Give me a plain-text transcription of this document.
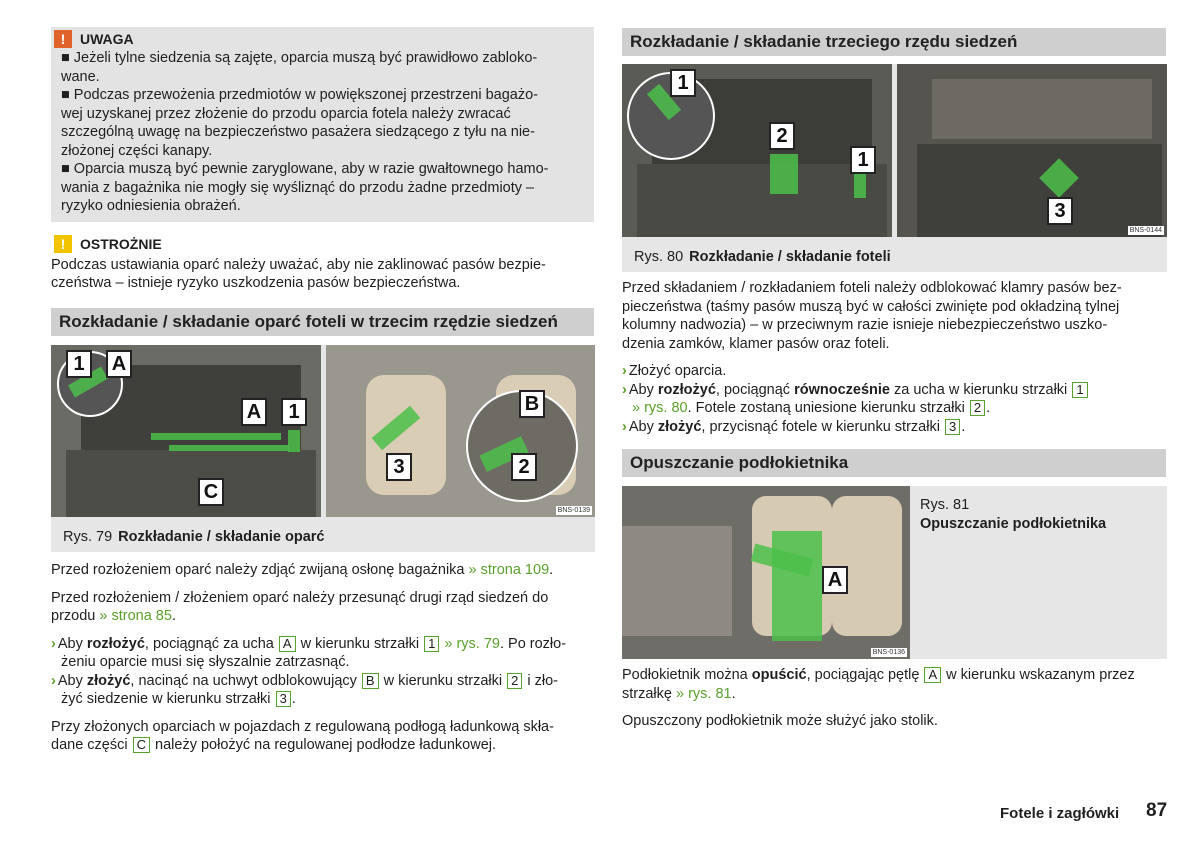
!	UWAGA
■ Jeżeli tylne siedzenia są zajęte, oparcia muszą być prawidłowo zabloko-
wane.
■ Podczas przewożenia przedmiotów w powiększonej przestrzeni bagażo-
wej uzyskanej przez złożenie do przodu oparcia fotela należy zwracać
szczególną uwagę na bezpieczeństwo pasażera siedzącego z tyłu na nie-
złożonej części kanapy.
■ Oparcia muszą być pewnie zaryglowane, aby w razie gwałtownego hamo-
wania z bagażnika nie mogły się wyśliznąć do przodu żadne przedmioty –
ryzyko odniesienia obrażeń.
!	OSTROŻNIE
Podczas ustawiania oparć należy uważać, aby nie zaklinować pasów bezpie-
czeństwa – istnieje ryzyko uszkodzenia pasów bezpieczeństwa.
Rozkładanie / składanie oparć foteli w trzecim rzędzie siedzeń
1	A
A	1
C
B
3	2
BNS-0139
Rys. 79 Rozkładanie / składanie oparć

Przed rozłożeniem oparć należy zdjąć zwijaną osłonę bagażnika » strona 109.

Przed rozłożeniem / złożeniem oparć należy przesunąć drugi rząd siedzeń do
przodu » strona 85.

› Aby rozłożyć, pociągnąć za ucha A w kierunku strzałki 1 » rys. 79. Po rozło-
żeniu oparcie musi się słyszalnie zatrzasnąć.

› Aby złożyć, nacinąć na uchwyt odblokowujący B w kierunku strzałki 2 i zło-
żyć siedzenie w kierunku strzałki 3 .

Przy złożonych oparciach w pojazdach z regulowaną podłogą ładunkową skła-
dane części C należy położyć na regulowanej podłodze ładunkowej.

Rozkładanie / składanie trzeciego rzędu siedzeń
1
2
1
3
BNS-0144
Rys. 80 Rozkładanie / składanie foteli
Przed składaniem / rozkładaniem foteli należy odblokować klamry pasów bez-
pieczeństwa (taśmy pasów muszą być w całości zwinięte pod okładziną tylnej
kolumny nadwozia) – w przeciwnym razie isnieje niebezpieczeństwo uszko-
dzenia zamków, klamer pasów oraz foteli.

› Złożyć oparcia.

› Aby rozłożyć, pociągnąć równocześnie za ucha w kierunku strzałki 1
» rys. 80. Fotele zostaną uniesione kierunku strzałki 2 .

› Aby złożyć, przycisnąć fotele w kierunku strzałki 3 .

Opuszczanie podłokietnika
A
BNS-0136
Rys. 81
Opuszczanie podłokietnika

Podłokietnik można opuścić, pociągając pętlę A w kierunku wskazanym przez
strzałkę » rys. 81.

Opuszczony podłokietnik może służyć jako stolik.

Fotele i zagłówki 87
